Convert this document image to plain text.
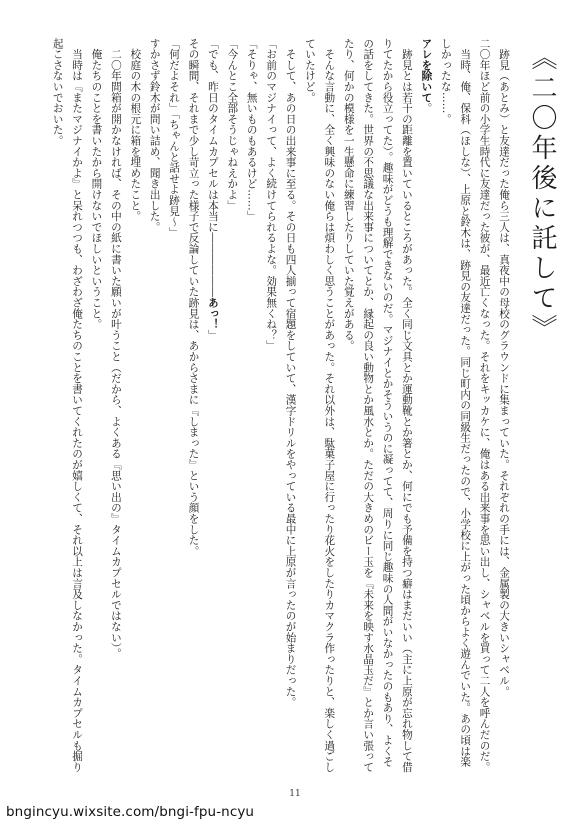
《二〇年後に託して》

　跡見（あとみ）と友達だった俺ら三人は、真夜中の母校のグラウンドに集まっていた。それぞれの手には、金属製の大きいシャベル。

二〇年ほど前の小学生時代に友達だった彼が、最近亡くなった。それをキッカケに、俺はある出来事を思い出し、シャベルを買って二人を呼んだのだ。

　当時、俺、保科（ほしな）、上原と鈴木は、跡見の友達だった。同じ町内の同級生だったので、小学校に上がった頃からよく遊んでいた。あの頃は楽しかったな……。

アレを除いて。

　跡見とは若干の距離を置いているところがあった。全く同じ文具とか運動靴とか箸とか、何にでも予備を持つ癖はまだいい（主に上原が忘れ物して借りてたから役立ってた）。趣味がどうも理解できないのだ。マジナイとかそういうのに凝ってて、周りに同じ趣味の人間がいなかったのもあり、よくその話をしてきた。世界の不思議な出来事についてとか、縁起の良い動物とか風水とか。ただの大きめのビー玉を『未来を映す水晶玉だ』とか言い張ってたり、何かの模様を一生懸命に練習したりしていた覚えがある。

　そんな言動に、全く興味のない俺らは煩わしく思うことがあった。それ以外は、駄菓子屋に行ったり花火をしたりカマクラ作ったりと、楽しく過ごしていたけど。

　そして、あの日の出来事に至る。その日も四人揃って宿題をしていて、漢字ドリルをやっている最中に上原が言ったのが始まりだった。

「お前のマジナイって、よく続けてられるよな。効果無くね？」

「そりゃ、無いものもあるけど……」

「今んとこ全部そうじゃねえかよ」

「でも、昨日のタイムカプセルは本当に――――――あっ！」

その瞬間、それまで少し苛立った様子で反論していた跡見は、あからさまに『しまった』という顔をした。

「何だよそれ」「ちゃんと話せよ跡見～」

すかさず鈴木が問い詰め、聞き出した。

　校庭の木の根元に箱を埋めたこと。

　二〇年間箱が開かなければ、その中の紙に書いた願いが叶うこと（だから、よくある『思い出の』タイムカプセルではない）。

　俺たちのことを書いたから開けないでほしいということ。

　当時は『またマジナイかよ』と呆れつつも、わざわざ俺たちのことを書いてくれたのが嬉しくて、それ以上は言及しなかった。タイムカプセルも掘り起こさないでおいた。

11
bngincyu.wixsite.com/bngi-fpu-ncyu
